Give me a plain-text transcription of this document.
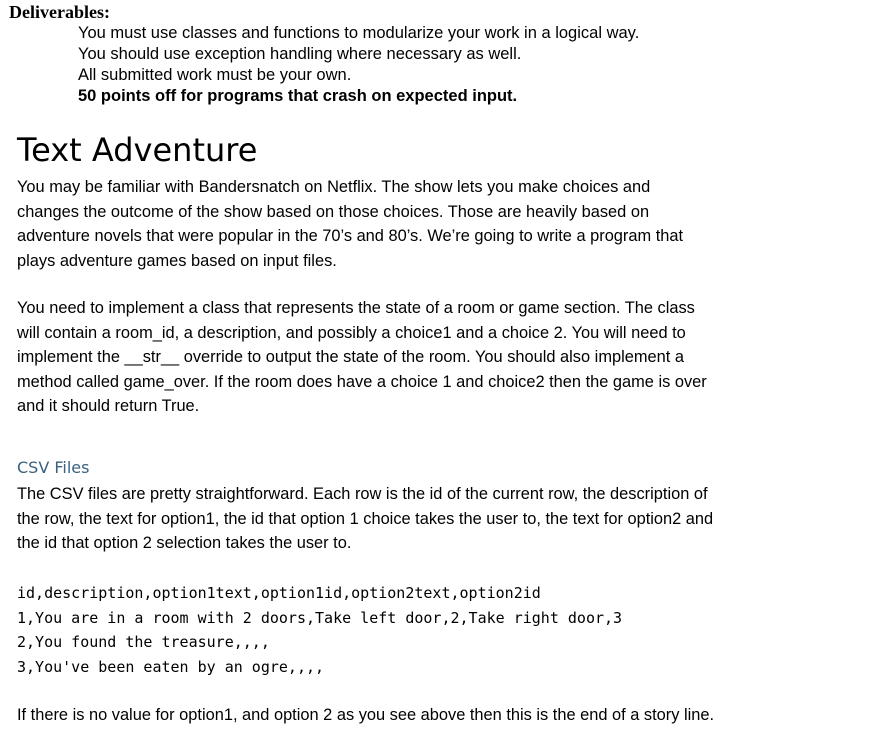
Deliverables:
You must use classes and functions to modularize your work in a logical way.
You should use exception handling where necessary as well.
All submitted work must be your own.
50 points off for programs that crash on expected input.
Text Adventure

You may be familiar with Bandersnatch on Netflix. The show lets you make choices and
changes the outcome of the show based on those choices. Those are heavily based on
adventure novels that were popular in the 70’s and 80’s. We’re going to write a program that
plays adventure games based on input files.

You need to implement a class that represents the state of a room or game section. The class
will contain a room_id, a description, and possibly a choice1 and a choice 2. You will need to
implement the __str__ override to output the state of the room. You should also implement a
method called game_over. If the room does have a choice 1 and choice2 then the game is over
and it should return True.

CSV Files

The CSV files are pretty straightforward. Each row is the id of the current row, the description of
the row, the text for option1, the id that option 1 choice takes the user to, the text for option2 and
the id that option 2 selection takes the user to.

id,description,option1text,option1id,option2text,option2id
1,You are in a room with 2 doors,Take left door,2,Take right door,3
2,You found the treasure,,,,
3,You've been eaten by an ogre,,,,

If there is no value for option1, and option 2 as you see above then this is the end of a story line.
